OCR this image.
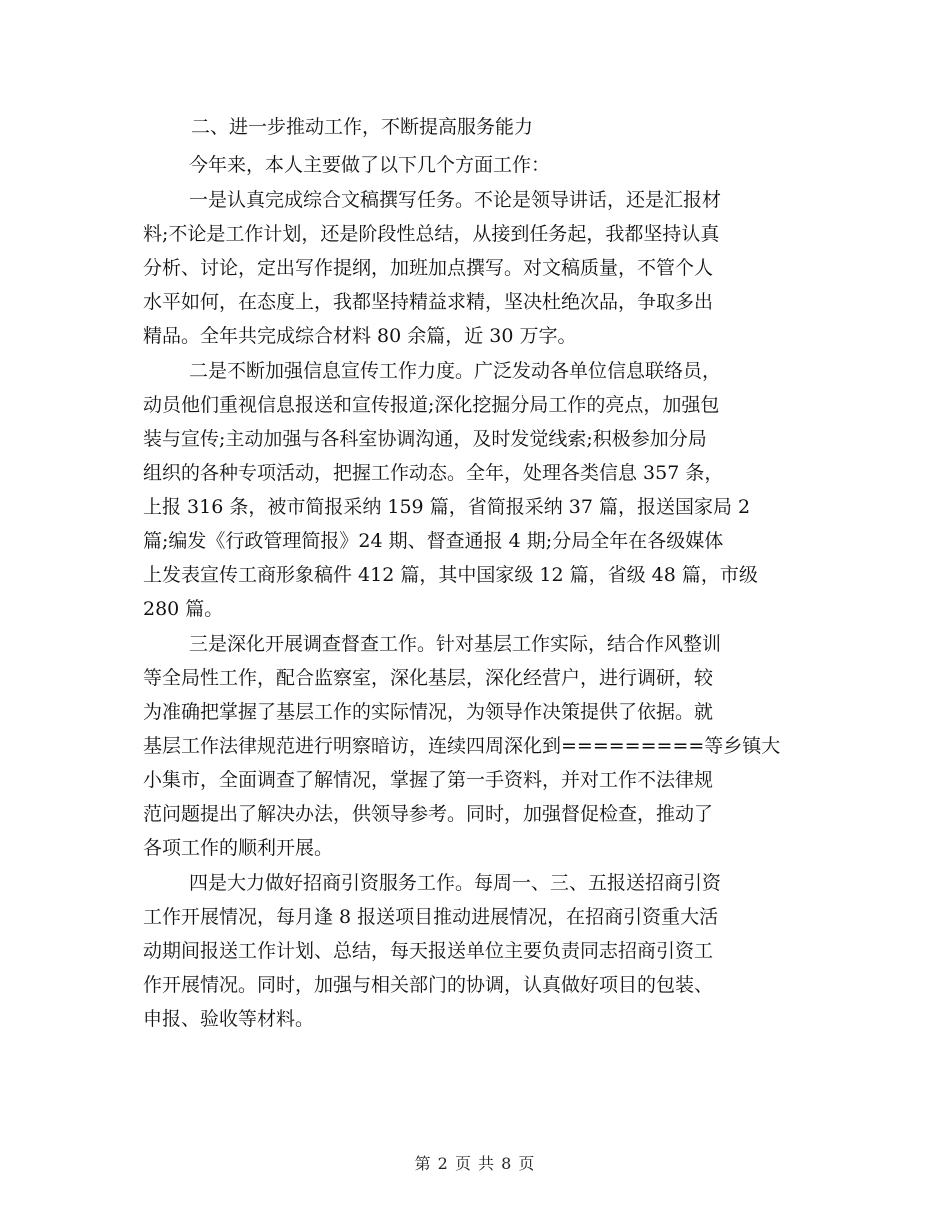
二、进一步推动工作，不断提高服务能力
今年来，本人主要做了以下几个方面工作：
一是认真完成综合文稿撰写任务。不论是领导讲话，还是汇报材
料;不论是工作计划，还是阶段性总结，从接到任务起，我都坚持认真
分析、讨论，定出写作提纲，加班加点撰写。对文稿质量，不管个人
水平如何，在态度上，我都坚持精益求精，坚决杜绝次品，争取多出
精品。全年共完成综合材料 80 余篇，近 30 万字。
二是不断加强信息宣传工作力度。广泛发动各单位信息联络员，
动员他们重视信息报送和宣传报道;深化挖掘分局工作的亮点，加强包
装与宣传;主动加强与各科室协调沟通，及时发觉线索;积极参加分局
组织的各种专项活动，把握工作动态。全年，处理各类信息 357 条，
上报 316 条，被市简报采纳 159 篇，省简报采纳 37 篇，报送国家局 2
篇;编发《行政管理简报》24 期、督查通报 4 期;分局全年在各级媒体
上发表宣传工商形象稿件 412 篇，其中国家级 12 篇，省级 48 篇，市级
280 篇。
三是深化开展调查督查工作。针对基层工作实际，结合作风整训
等全局性工作，配合监察室，深化基层，深化经营户，进行调研，较
为准确把掌握了基层工作的实际情况，为领导作决策提供了依据。就
基层工作法律规范进行明察暗访，连续四周深化到=========等乡镇大
小集市，全面调查了解情况，掌握了第一手资料，并对工作不法律规
范问题提出了解决办法，供领导参考。同时，加强督促检查，推动了
各项工作的顺利开展。
四是大力做好招商引资服务工作。每周一、三、五报送招商引资
工作开展情况，每月逢 8 报送项目推动进展情况，在招商引资重大活
动期间报送工作计划、总结，每天报送单位主要负责同志招商引资工
作开展情况。同时，加强与相关部门的协调，认真做好项目的包装、
申报、验收等材料。
第 2 页 共 8 页
